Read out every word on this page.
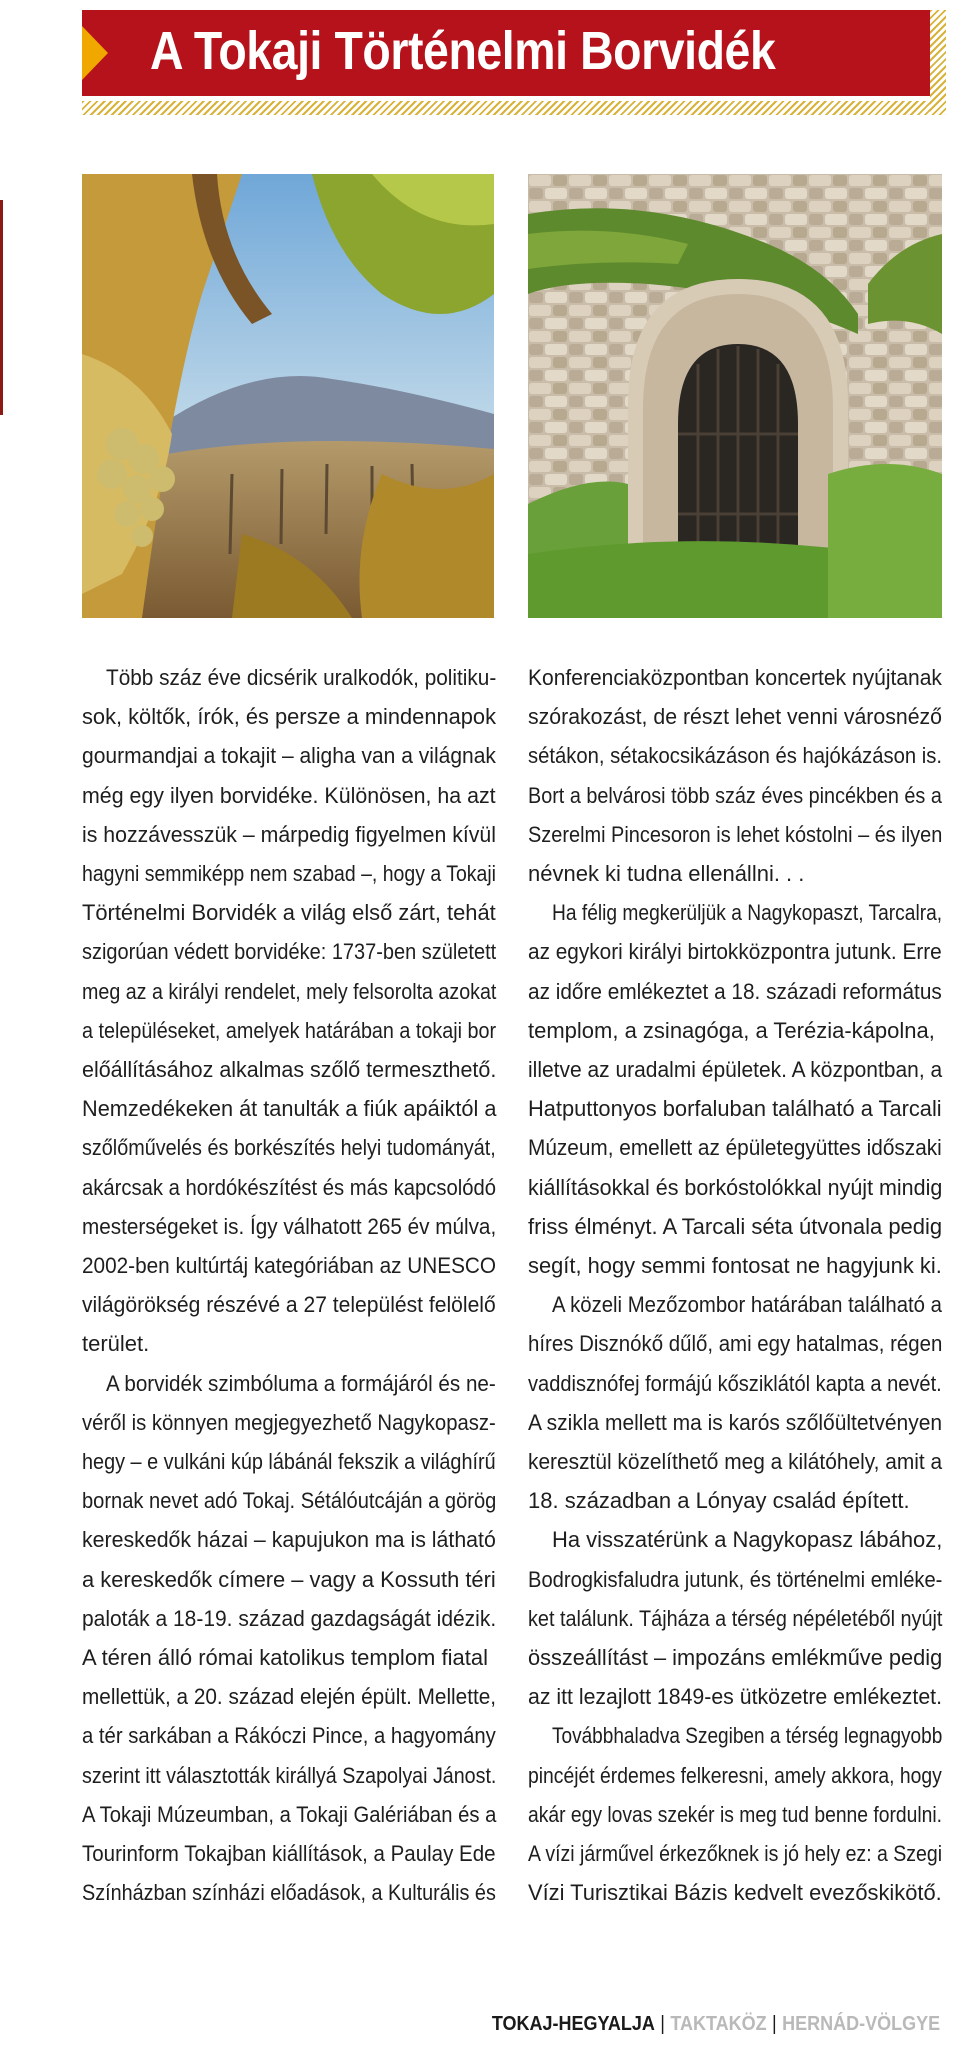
A Tokaji Történelmi Borvidék

Több száz éve dicsérik uralkodók, politiku-
sok, költők, írók, és persze a mindennapok
gourmandjai a tokajit – aligha van a világnak
még egy ilyen borvidéke. Különösen, ha azt
is hozzávesszük – márpedig figyelmen kívül
hagyni semmiképp nem szabad –, hogy a Tokaji
Történelmi Borvidék a világ első zárt, tehát
szigorúan védett borvidéke: 1737-ben született
meg az a királyi rendelet, mely felsorolta azokat
a településeket, amelyek határában a tokaji bor
előállításához alkalmas szőlő termeszthető.
Nemzedékeken át tanulták a fiúk apáiktól a
szőlőművelés és borkészítés helyi tudományát,
akárcsak a hordókészítést és más kapcsolódó
mesterségeket is. Így válhatott 265 év múlva,
2002-ben kultúrtáj kategóriában az UNESCO
világörökség részévé a 27 települést felölelő
terület.

A borvidék szimbóluma a formájáról és ne-
véről is könnyen megjegyezhető Nagykopasz-
hegy – e vulkáni kúp lábánál fekszik a világhírű
bornak nevet adó Tokaj. Sétálóutcáján a görög
kereskedők házai – kapujukon ma is látható
a kereskedők címere – vagy a Kossuth téri
paloták a 18-19. század gazdagságát idézik.
A téren álló római katolikus templom fiatal
mellettük, a 20. század elején épült. Mellette,
a tér sarkában a Rákóczi Pince, a hagyomány
szerint itt választották királlyá Szapolyai Jánost.
A Tokaji Múzeumban, a Tokaji Galériában és a
Tourinform Tokajban kiállítások, a Paulay Ede
Színházban színházi előadások, a Kulturális és

Konferenciaközpontban koncertek nyújtanak
szórakozást, de részt lehet venni városnéző
sétákon, sétakocsikázáson és hajókázáson is.
Bort a belvárosi több száz éves pincékben és a
Szerelmi Pincesoron is lehet kóstolni – és ilyen
névnek ki tudna ellenállni. . .

Ha félig megkerüljük a Nagykopaszt, Tarcalra,
az egykori királyi birtokközpontra jutunk. Erre
az időre emlékeztet a 18. századi református
templom, a zsinagóga, a Terézia-kápolna,
illetve az uradalmi épületek. A központban, a
Hatputtonyos borfaluban található a Tarcali
Múzeum, emellett az épületegyüttes időszaki
kiállításokkal és borkóstolókkal nyújt mindig
friss élményt. A Tarcali séta útvonala pedig
segít, hogy semmi fontosat ne hagyjunk ki.

A közeli Mezőzombor határában található a
híres Disznókő dűlő, ami egy hatalmas, régen
vaddisznófej formájú kősziklától kapta a nevét.
A szikla mellett ma is karós szőlőültetvényen
keresztül közelíthető meg a kilátóhely, amit a
18. században a Lónyay család épített.

Ha visszatérünk a Nagykopasz lábához,
Bodrogkisfaludra jutunk, és történelmi emléke-
ket találunk. Tájháza a térség népéletéből nyújt
összeállítást – impozáns emlékműve pedig
az itt lezajlott 1849-es ütközetre emlékeztet.

Továbbhaladva Szegiben a térség legnagyobb
pincéjét érdemes felkeresni, amely akkora, hogy
akár egy lovas szekér is meg tud benne fordulni.
A vízi járművel érkezőknek is jó hely ez: a Szegi
Vízi Turisztikai Bázis kedvelt evezőskikötő.

TOKAJ-HEGYALJA | TAKTAKÖZ | HERNÁD-VÖLGYE
